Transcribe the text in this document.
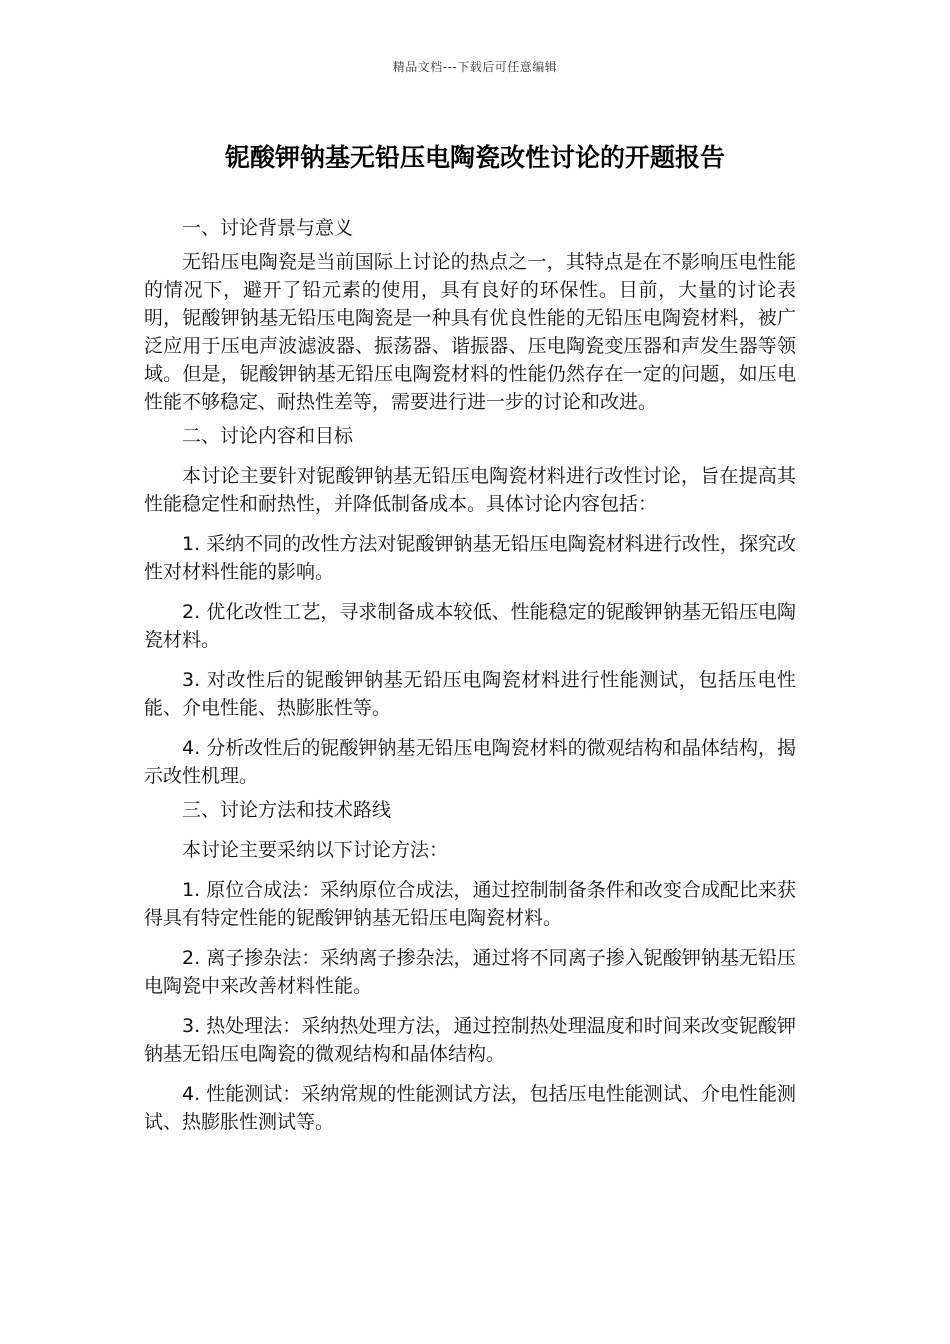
精品文档---下载后可任意编辑
铌酸钾钠基无铅压电陶瓷改性讨论的开题报告

一、讨论背景与意义

无铅压电陶瓷是当前国际上讨论的热点之一，其特点是在不影响压电性能的情况下，避开了铅元素的使用，具有良好的环保性。目前，大量的讨论表明，铌酸钾钠基无铅压电陶瓷是一种具有优良性能的无铅压电陶瓷材料，被广泛应用于压电声波滤波器、振荡器、谐振器、压电陶瓷变压器和声发生器等领域。但是，铌酸钾钠基无铅压电陶瓷材料的性能仍然存在一定的问题，如压电性能不够稳定、耐热性差等，需要进行进一步的讨论和改进。

二、讨论内容和目标

本讨论主要针对铌酸钾钠基无铅压电陶瓷材料进行改性讨论，旨在提高其性能稳定性和耐热性，并降低制备成本。具体讨论内容包括：

1. 采纳不同的改性方法对铌酸钾钠基无铅压电陶瓷材料进行改性，探究改性对材料性能的影响。

2. 优化改性工艺，寻求制备成本较低、性能稳定的铌酸钾钠基无铅压电陶瓷材料。

3. 对改性后的铌酸钾钠基无铅压电陶瓷材料进行性能测试，包括压电性能、介电性能、热膨胀性等。

4. 分析改性后的铌酸钾钠基无铅压电陶瓷材料的微观结构和晶体结构，揭示改性机理。

三、讨论方法和技术路线

本讨论主要采纳以下讨论方法：

1. 原位合成法：采纳原位合成法，通过控制制备条件和改变合成配比来获得具有特定性能的铌酸钾钠基无铅压电陶瓷材料。

2. 离子掺杂法：采纳离子掺杂法，通过将不同离子掺入铌酸钾钠基无铅压电陶瓷中来改善材料性能。

3. 热处理法：采纳热处理方法，通过控制热处理温度和时间来改变铌酸钾钠基无铅压电陶瓷的微观结构和晶体结构。

4. 性能测试：采纳常规的性能测试方法，包括压电性能测试、介电性能测试、热膨胀性测试等。
